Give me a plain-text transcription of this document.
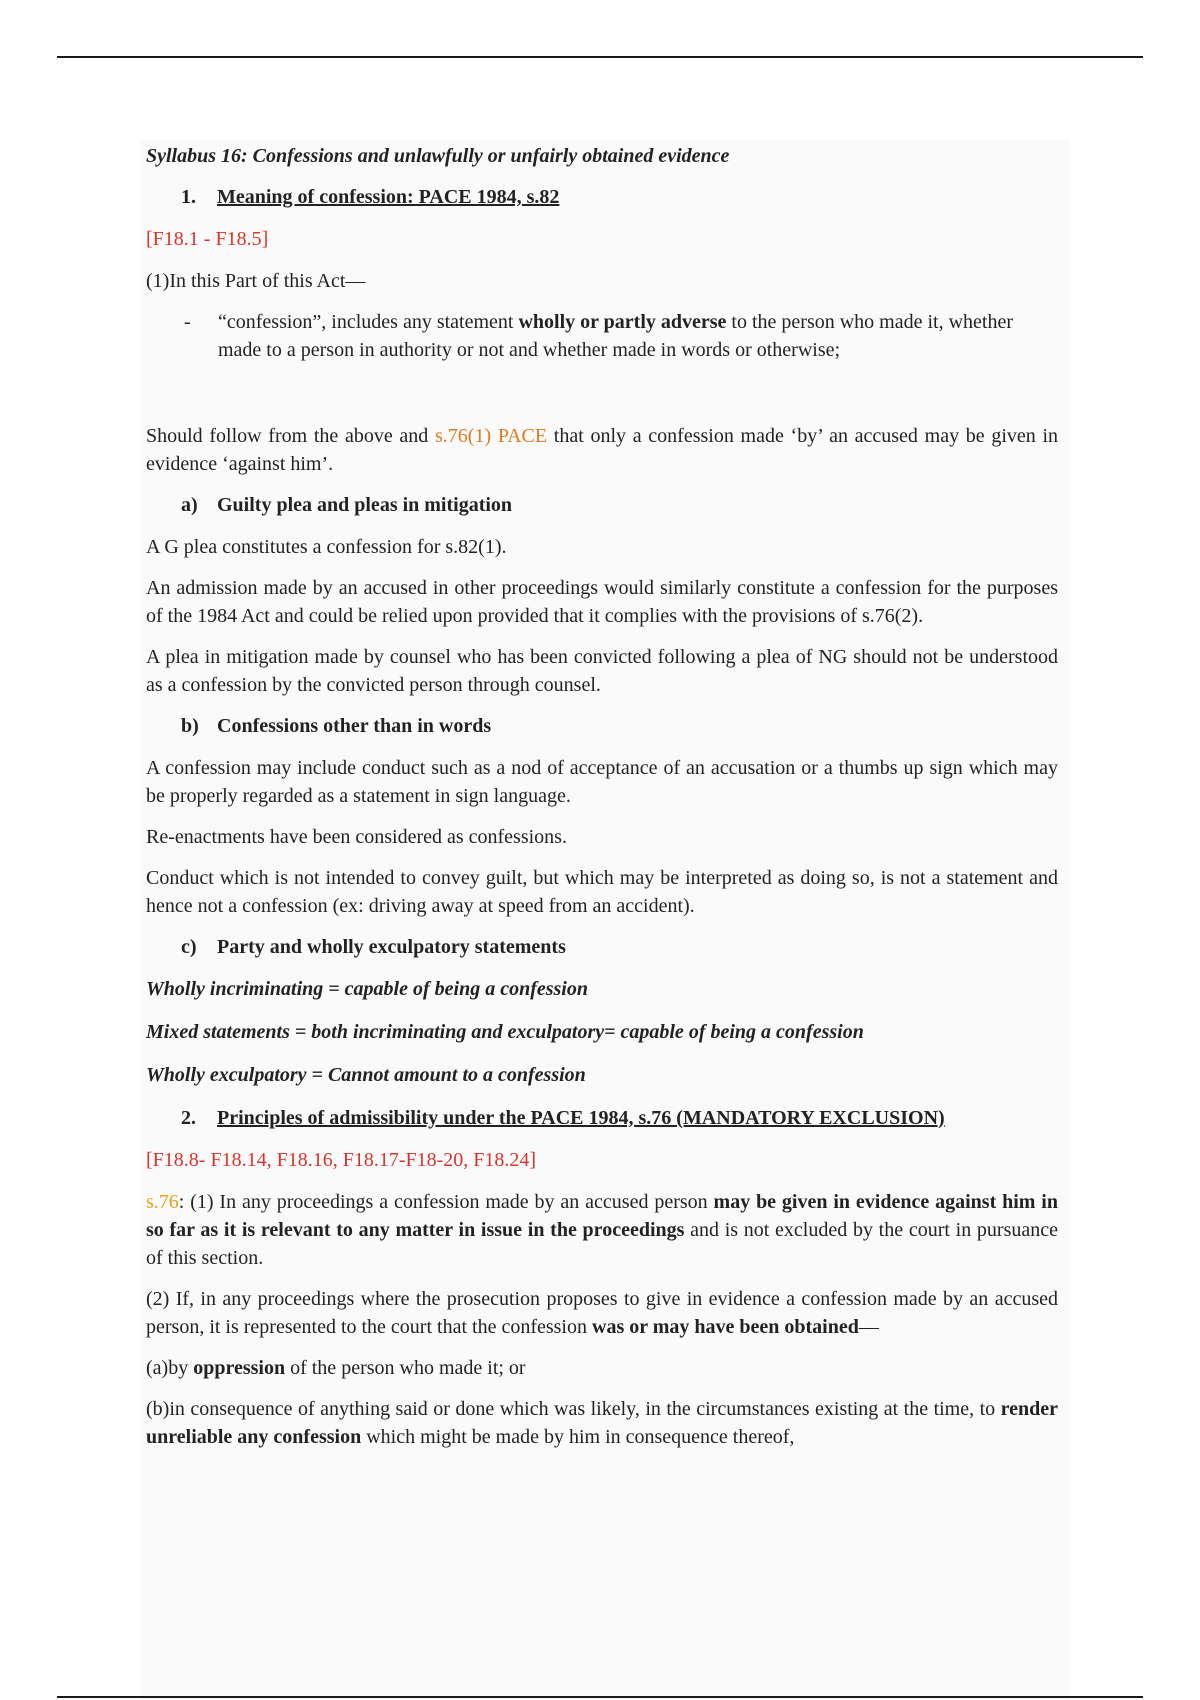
Syllabus 16: Confessions and unlawfully or unfairly obtained evidence

1. Meaning of confession: PACE 1984, s.82

[F18.1 - F18.5]

(1)In this Part of this Act—

- “confession”, includes any statement wholly or partly adverse to the person who made it, whether made to a person in authority or not and whether made in words or otherwise;

Should follow from the above and s.76(1) PACE that only a confession made ‘by’ an accused may be given in evidence ‘against him’.

a) Guilty plea and pleas in mitigation

A G plea constitutes a confession for s.82(1).

An admission made by an accused in other proceedings would similarly constitute a confession for the purposes of the 1984 Act and could be relied upon provided that it complies with the provisions of s.76(2).

A plea in mitigation made by counsel who has been convicted following a plea of NG should not be understood as a confession by the convicted person through counsel.

b) Confessions other than in words

A confession may include conduct such as a nod of acceptance of an accusation or a thumbs up sign which may be properly regarded as a statement in sign language.

Re-enactments have been considered as confessions.

Conduct which is not intended to convey guilt, but which may be interpreted as doing so, is not a statement and hence not a confession (ex: driving away at speed from an accident).

c) Party and wholly exculpatory statements

Wholly incriminating = capable of being a confession

Mixed statements = both incriminating and exculpatory= capable of being a confession

Wholly exculpatory = Cannot amount to a confession

2. Principles of admissibility under the PACE 1984, s.76 (MANDATORY EXCLUSION)

[F18.8- F18.14, F18.16, F18.17-F18-20, F18.24]

s.76: (1) In any proceedings a confession made by an accused person may be given in evidence against him in so far as it is relevant to any matter in issue in the proceedings and is not excluded by the court in pursuance of this section.

(2) If, in any proceedings where the prosecution proposes to give in evidence a confession made by an accused person, it is represented to the court that the confession was or may have been obtained—

(a)by oppression of the person who made it; or

(b)in consequence of anything said or done which was likely, in the circumstances existing at the time, to render unreliable any confession which might be made by him in consequence thereof,
